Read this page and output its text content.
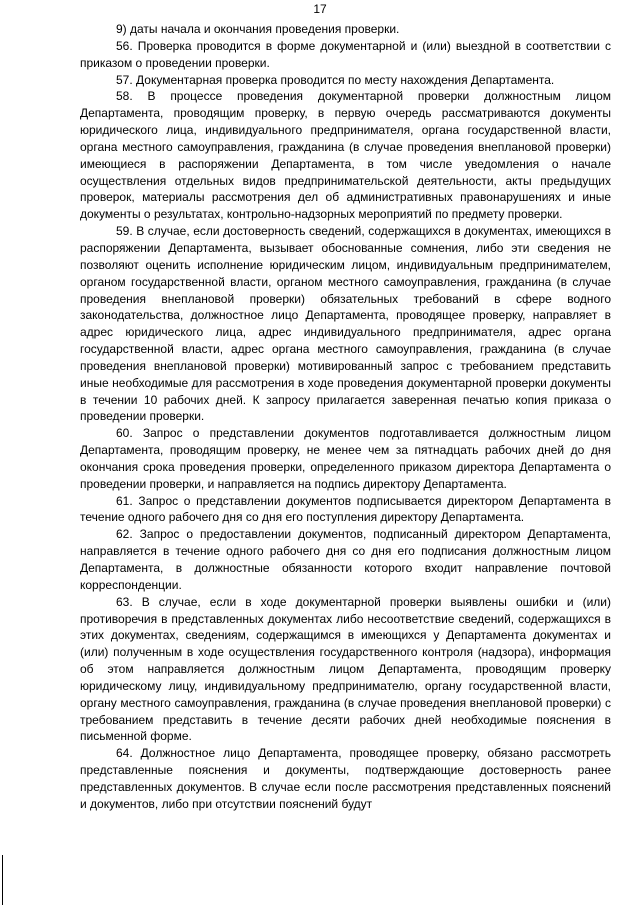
17

9) даты начала и окончания проведения проверки.

56. Проверка проводится в форме документарной и (или) выездной в соответствии с приказом о проведении проверки.

57. Документарная проверка проводится по месту нахождения Департамента.

58. В процессе проведения документарной проверки должностным лицом Департамента, проводящим проверку, в первую очередь рассматриваются документы юридического лица, индивидуального предпринимателя, органа государственной власти, органа местного самоуправления, гражданина (в случае проведения внеплановой проверки) имеющиеся в распоряжении Департамента, в том числе уведомления о начале осуществления отдельных видов предпринимательской деятельности, акты предыдущих проверок, материалы рассмотрения дел об административных правонарушениях и иные документы о результатах, контрольно-надзорных мероприятий по предмету проверки.

59. В случае, если достоверность сведений, содержащихся в документах, имеющихся в распоряжении Департамента, вызывает обоснованные сомнения, либо эти сведения не позволяют оценить исполнение юридическим лицом, индивидуальным предпринимателем, органом государственной власти, органом местного самоуправления, гражданина (в случае проведения внеплановой проверки) обязательных требований в сфере водного законодательства, должностное лицо Департамента, проводящее проверку, направляет в адрес юридического лица, адрес индивидуального предпринимателя, адрес органа государственной власти, адрес органа местного самоуправления, гражданина (в случае проведения внеплановой проверки) мотивированный запрос с требованием представить иные необходимые для рассмотрения в ходе проведения документарной проверки документы в течении 10 рабочих дней. К запросу прилагается заверенная печатью копия приказа о проведении проверки.

60. Запрос о представлении документов подготавливается должностным лицом Департамента, проводящим проверку, не менее чем за пятнадцать рабочих дней до дня окончания срока проведения проверки, определенного приказом директора Департамента о проведении проверки, и направляется на подпись директору Департамента.

61. Запрос о представлении документов подписывается директором Департамента в течение одного рабочего дня со дня его поступления директору Департамента.

62. Запрос о предоставлении документов, подписанный директором Департамента, направляется в течение одного рабочего дня со дня его подписания должностным лицом Департамента, в должностные обязанности которого входит направление почтовой корреспонденции.

63. В случае, если в ходе документарной проверки выявлены ошибки и (или) противоречия в представленных документах либо несоответствие сведений, содержащихся в этих документах, сведениям, содержащимся в имеющихся у Департамента документах и (или) полученным в ходе осуществления государственного контроля (надзора), информация об этом направляется должностным лицом Департамента, проводящим проверку юридическому лицу, индивидуальному предпринимателю, органу государственной власти, органу местного самоуправления, гражданина (в случае проведения внеплановой проверки) с требованием представить в течение десяти рабочих дней необходимые пояснения в письменной форме.

64. Должностное лицо Департамента, проводящее проверку, обязано рассмотреть представленные пояснения и документы, подтверждающие достоверность ранее представленных документов. В случае если после рассмотрения представленных пояснений и документов, либо при отсутствии пояснений будут
